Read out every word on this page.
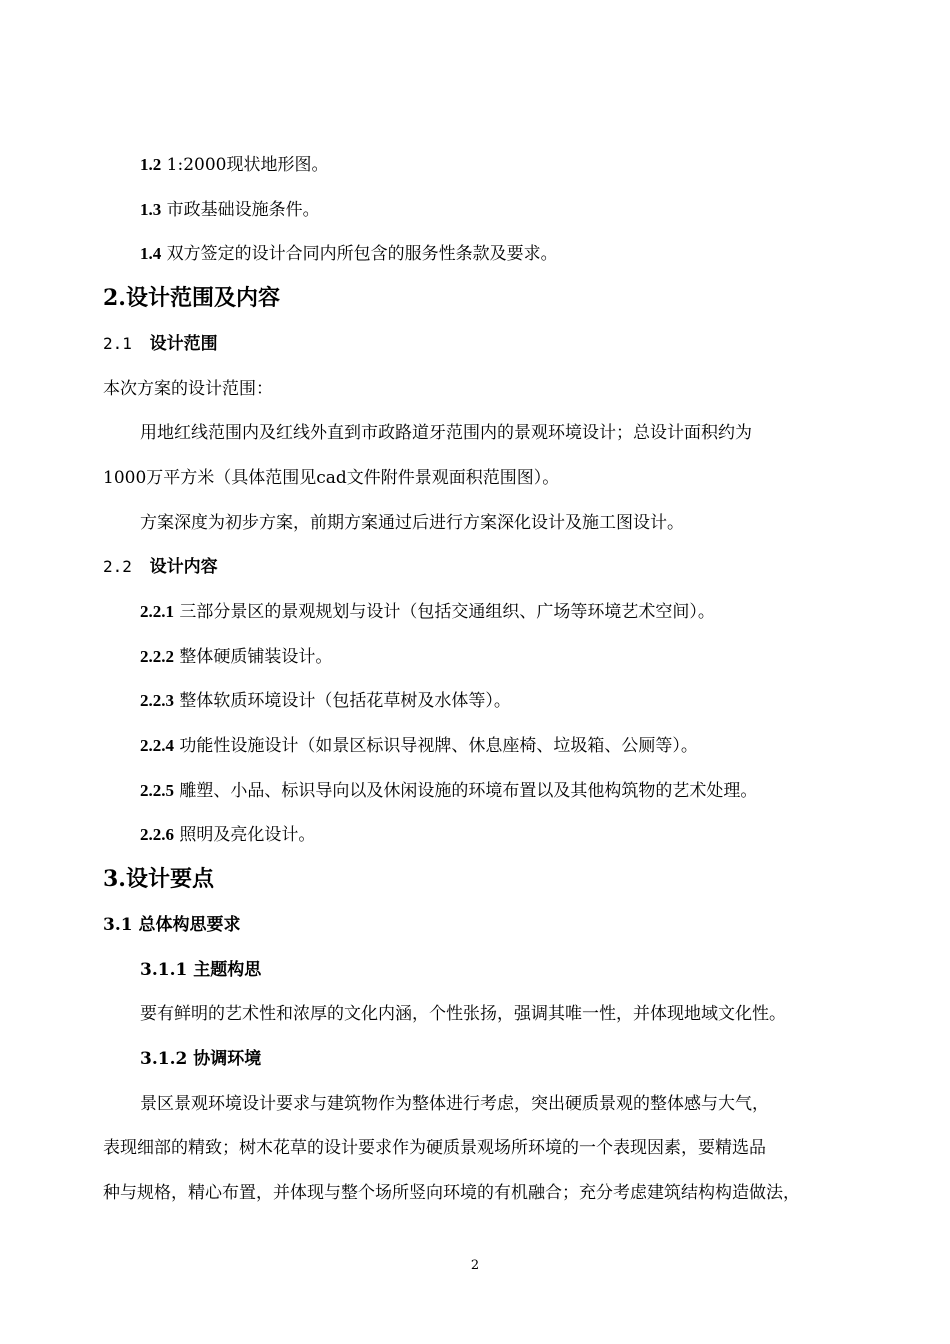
1.2 1:2000现状地形图。
1.3 市政基础设施条件。
1.4 双方签定的设计合同内所包含的服务性条款及要求。
2.设计范围及内容
2.1 设计范围
本次方案的设计范围：
用地红线范围内及红线外直到市政路道牙范围内的景观环境设计；总设计面积约为
1000万平方米（具体范围见cad文件附件景观面积范围图）。
方案深度为初步方案，前期方案通过后进行方案深化设计及施工图设计。
2.2 设计内容
2.2.1 三部分景区的景观规划与设计（包括交通组织、广场等环境艺术空间）。
2.2.2 整体硬质铺装设计。
2.2.3 整体软质环境设计（包括花草树及水体等）。
2.2.4 功能性设施设计（如景区标识导视牌、休息座椅、垃圾箱、公厕等）。
2.2.5 雕塑、小品、标识导向以及休闲设施的环境布置以及其他构筑物的艺术处理。
2.2.6 照明及亮化设计。
3.设计要点
3.1 总体构思要求
3.1.1 主题构思
要有鲜明的艺术性和浓厚的文化内涵，个性张扬，强调其唯一性，并体现地域文化性。
3.1.2 协调环境
景区景观环境设计要求与建筑物作为整体进行考虑，突出硬质景观的整体感与大气，
表现细部的精致；树木花草的设计要求作为硬质景观场所环境的一个表现因素，要精选品
种与规格，精心布置，并体现与整个场所竖向环境的有机融合；充分考虑建筑结构构造做法，
2
